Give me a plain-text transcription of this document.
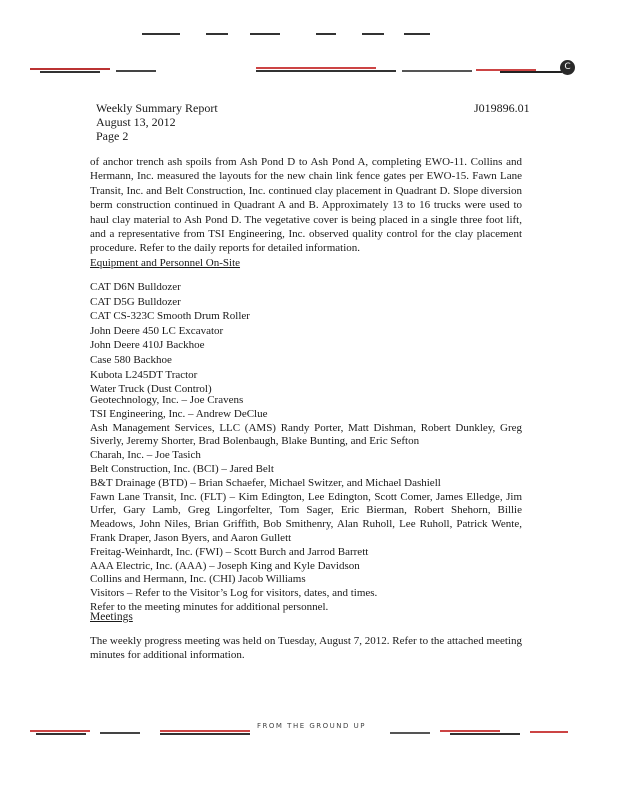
C
Weekly Summary Report
August 13, 2012
Page 2
J019896.01
of anchor trench ash spoils from Ash Pond D to Ash Pond A, completing EWO-11. Collins and Hermann, Inc. measured the layouts for the new chain link fence gates per EWO-15. Fawn Lane Transit, Inc. and Belt Construction, Inc. continued clay placement in Quadrant D. Slope diversion berm construction continued in Quadrant A and B. Approximately 13 to 16 trucks were used to haul clay material to Ash Pond D. The vegetative cover is being placed in a single three foot lift, and a representative from TSI Engineering, Inc. observed quality control for the clay placement procedure. Refer to the daily reports for detailed information.
Equipment and Personnel On-Site
CAT D6N Bulldozer
CAT D5G Bulldozer
CAT CS-323C Smooth Drum Roller
John Deere 450 LC Excavator
John Deere 410J Backhoe
Case 580 Backhoe
Kubota L245DT Tractor
Water Truck (Dust Control)
Geotechnology, Inc. – Joe Cravens
TSI Engineering, Inc. – Andrew DeClue
Ash Management Services, LLC (AMS) Randy Porter, Matt Dishman, Robert Dunkley, Greg Siverly, Jeremy Shorter, Brad Bolenbaugh, Blake Bunting, and Eric Sefton
Charah, Inc. – Joe Tasich
Belt Construction, Inc. (BCI) – Jared Belt
B&T Drainage (BTD) – Brian Schaefer, Michael Switzer, and Michael Dashiell
Fawn Lane Transit, Inc. (FLT) – Kim Edington, Lee Edington, Scott Comer, James Elledge, Jim Urfer, Gary Lamb, Greg Lingorfelter, Tom Sager, Eric Bierman, Robert Shehorn, Billie Meadows, John Niles, Brian Griffith, Bob Smithenry, Alan Ruholl, Lee Ruholl, Patrick Wente, Frank Draper, Jason Byers, and Aaron Gullett
Freitag-Weinhardt, Inc. (FWI) – Scott Burch and Jarrod Barrett
AAA Electric, Inc. (AAA) – Joseph King and Kyle Davidson
Collins and Hermann, Inc. (CHI) Jacob Williams
Visitors – Refer to the Visitor’s Log for visitors, dates, and times.
Refer to the meeting minutes for additional personnel.
Meetings
The weekly progress meeting was held on Tuesday, August 7, 2012. Refer to the attached meeting minutes for additional information.
FROM THE GROUND UP
